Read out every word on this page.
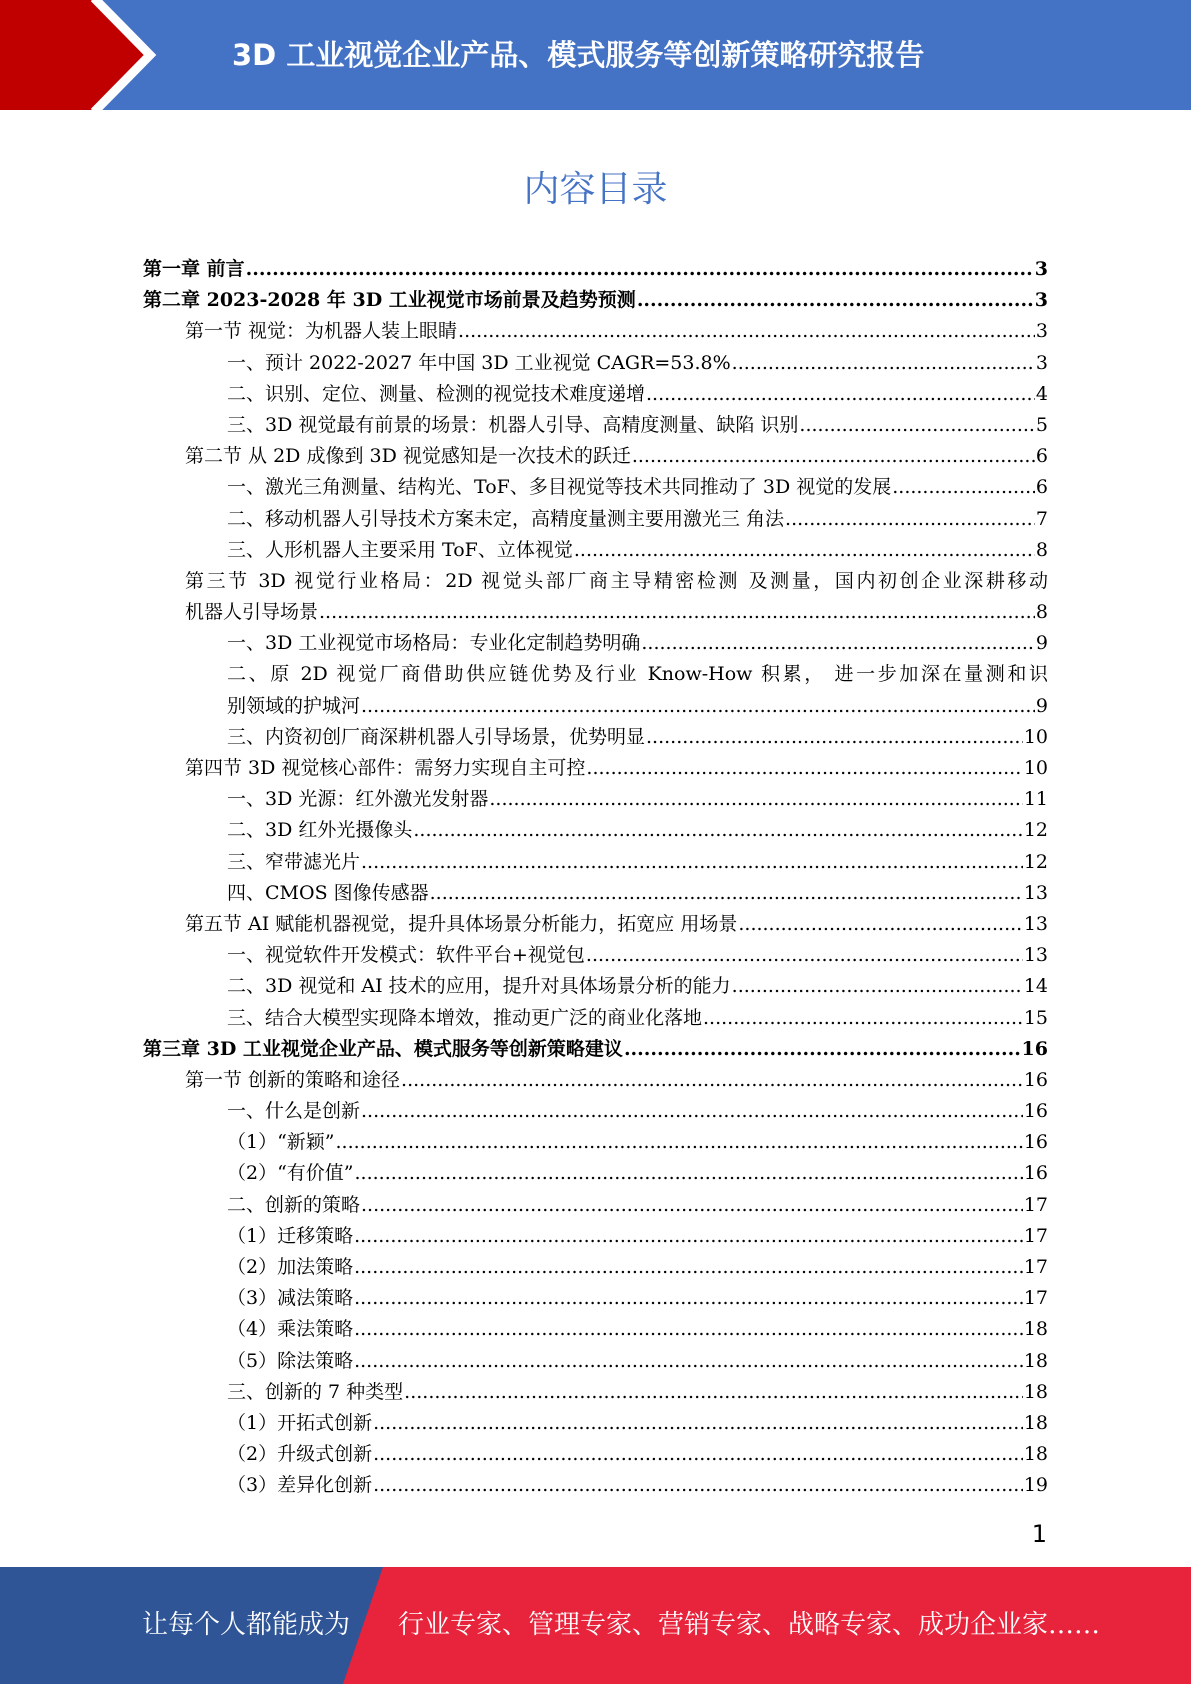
3D 工业视觉企业产品、模式服务等创新策略研究报告
内容目录
第一章 前言 .....	3
第二章 2023-2028 年 3D 工业视觉市场前景及趋势预测 .....	3
第一节 视觉：为机器人装上眼睛 .....	3
一、预计 2022-2027 年中国 3D 工业视觉 CAGR=53.8% .....	3
二、识别、定位、测量、检测的视觉技术难度递增 .....	4
三、3D 视觉最有前景的场景：机器人引导、高精度测量、缺陷 识别 .....	5
第二节 从 2D 成像到 3D 视觉感知是一次技术的跃迁 .....	6
一、激光三角测量、结构光、ToF、多目视觉等技术共同推动了 3D 视觉的发展 .....	6
二、移动机器人引导技术方案未定，高精度量测主要用激光三 角法 .....	7
三、人形机器人主要采用 ToF、立体视觉 .....	8
第三节 3D 视觉行业格局：2D 视觉头部厂商主导精密检测 及测量，国内初创企业深耕移动
机器人引导场景 .....	8
一、3D 工业视觉市场格局：专业化定制趋势明确 .....	9
二、原 2D 视觉厂商借助供应链优势及行业 Know-How 积累， 进一步加深在量测和识
别领域的护城河 .....	9
三、内资初创厂商深耕机器人引导场景，优势明显 .....	10
第四节 3D 视觉核心部件：需努力实现自主可控 .....	10
一、3D 光源：红外激光发射器 .....	11
二、3D 红外光摄像头 .....	12
三、窄带滤光片 .....	12
四、CMOS 图像传感器 .....	13
第五节 AI 赋能机器视觉，提升具体场景分析能力，拓宽应 用场景 .....	13
一、视觉软件开发模式：软件平台+视觉包 .....	13
二、3D 视觉和 AI 技术的应用，提升对具体场景分析的能力 .....	14
三、结合大模型实现降本增效，推动更广泛的商业化落地 .....	15
第三章 3D 工业视觉企业产品、模式服务等创新策略建议 .....	16
第一节 创新的策略和途径 .....	16
一、什么是创新 .....	16
（1）“新颖” .....	16
（2）“有价值” .....	16
二、创新的策略 .....	17
（1）迁移策略 .....	17
（2）加法策略 .....	17
（3）减法策略 .....	17
（4）乘法策略 .....	18
（5）除法策略 .....	18
三、创新的 7 种类型 .....	18
（1）开拓式创新 .....	18
（2）升级式创新 .....	18
（3）差异化创新 .....	19
1
让每个人都能成为 行业专家、管理专家、营销专家、战略专家、成功企业家……
